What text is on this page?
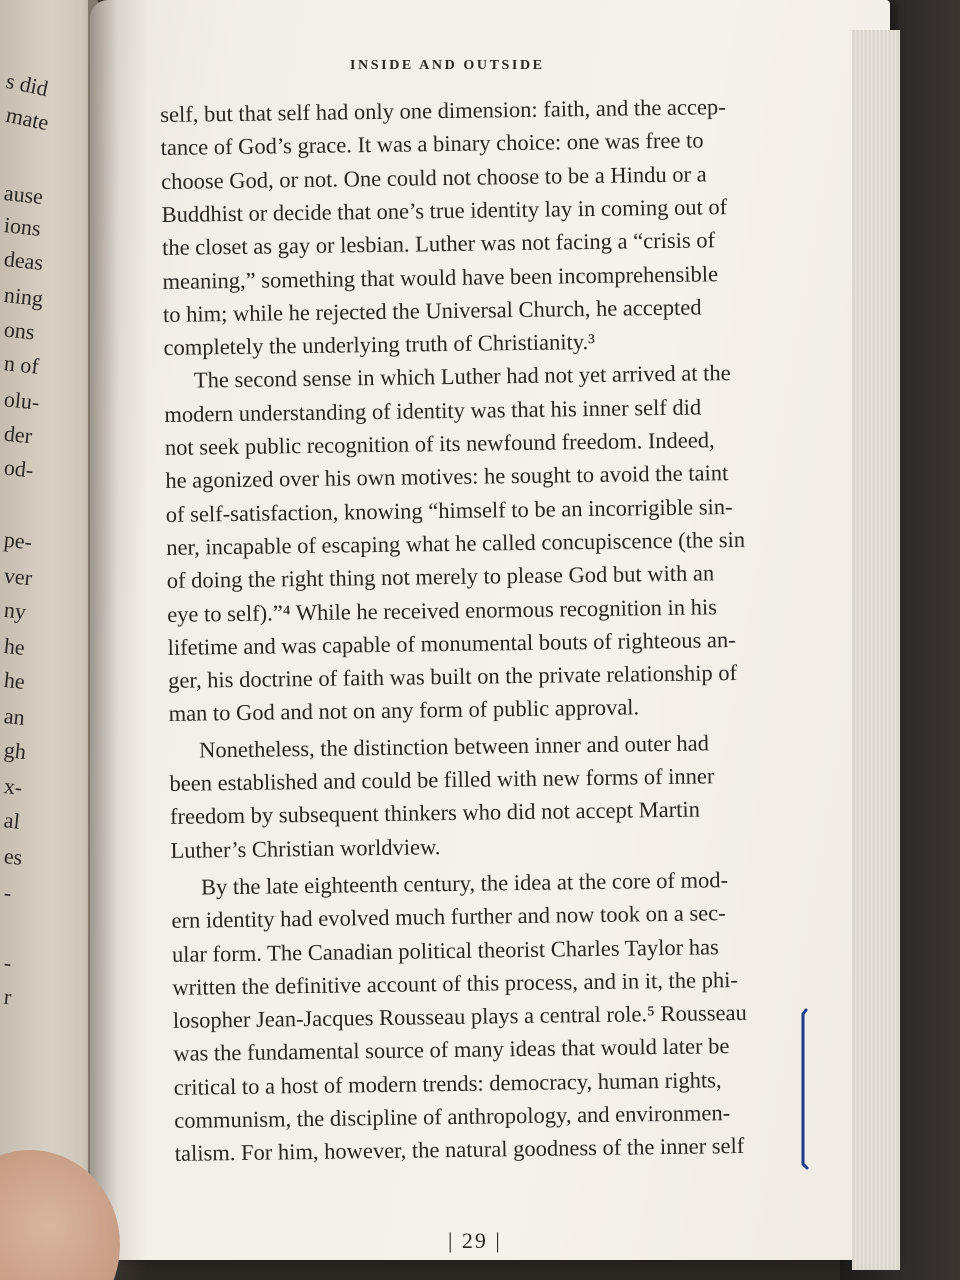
s did
mate
ause
ions
deas
ning
ons
n of
olu-
der
od-
pe-
ver
ny
he
he
an
gh
x-
al
es
-
-
r
INSIDE AND OUTSIDE
self, but that self had only one dimension: faith, and the accep-
tance of God’s grace. It was a binary choice: one was free to
choose God, or not. One could not choose to be a Hindu or a
Buddhist or decide that one’s true identity lay in coming out of
the closet as gay or lesbian. Luther was not facing a “crisis of
meaning,” something that would have been incomprehensible
to him; while he rejected the Universal Church, he accepted
completely the underlying truth of Christianity.³
The second sense in which Luther had not yet arrived at the
modern understanding of identity was that his inner self did
not seek public recognition of its newfound freedom. Indeed,
he agonized over his own motives: he sought to avoid the taint
of self-satisfaction, knowing “himself to be an incorrigible sin-
ner, incapable of escaping what he called concupiscence (the sin
of doing the right thing not merely to please God but with an
eye to self).”⁴ While he received enormous recognition in his
lifetime and was capable of monumental bouts of righteous an-
ger, his doctrine of faith was built on the private relationship of
man to God and not on any form of public approval.
Nonetheless, the distinction between inner and outer had
been established and could be filled with new forms of inner
freedom by subsequent thinkers who did not accept Martin
Luther’s Christian worldview.
By the late eighteenth century, the idea at the core of mod-
ern identity had evolved much further and now took on a sec-
ular form. The Canadian political theorist Charles Taylor has
written the definitive account of this process, and in it, the phi-
losopher Jean-Jacques Rousseau plays a central role.⁵ Rousseau
was the fundamental source of many ideas that would later be
critical to a host of modern trends: democracy, human rights,
communism, the discipline of anthropology, and environmen-
talism. For him, however, the natural goodness of the inner self
| 29 |
